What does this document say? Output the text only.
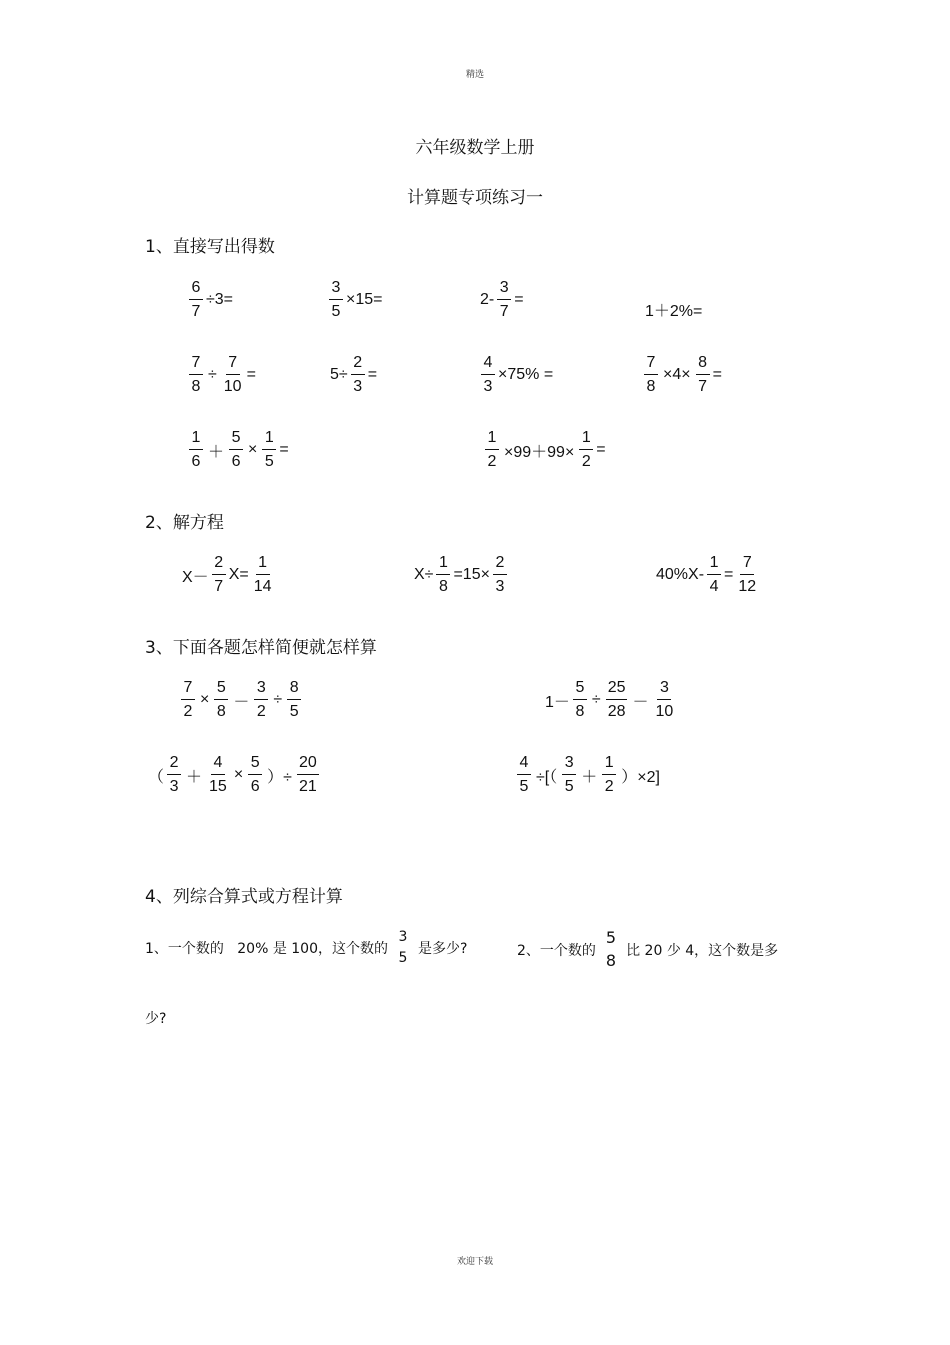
精选
六年级数学上册
计算题专项练习一
1、直接写出得数
$\frac{6}{7} \div 3=$	$\frac{3}{5} \times 15=$	$2- \frac{3}{7}$ =
1＋2%=
$\frac{7}{8} \div \frac{7}{10}$ =	$5\div \frac{2}{3}$ =	$\frac{4}{3} \times 75\%$ =	$\frac{7}{8} \times 4\times \frac{8}{7}$ =
$\frac{1}{6} + \frac{5}{6} \times \frac{1}{5}$ =	$\frac{1}{2} \times 99+99\times \frac{1}{2}$ =
2、解方程
$X- \frac{2}{7} X= \frac{1}{14}$	$X\div \frac{1}{8} =15\times \frac{2}{3}$	$40\%X- \frac{1}{4} = \frac{7}{12}$
3、下面各题怎样简便就怎样算
$\frac{7}{2} \times \frac{5}{8} - \frac{3}{2} \div \frac{8}{5}$	$1- \frac{5}{8} \div \frac{25}{28} - \frac{3}{10}$
（ $\frac{2}{3} + \frac{4}{15} \times \frac{5}{6}$ ）÷ $\frac{20}{21}$	$\frac{4}{5}$ ÷[（ $\frac{3}{5} + \frac{1}{2} )\times 2$]
4、列综合算式或方程计算
1、一个数的   20% 是 100，这个数的
3
5
是多少?	2、一个数的
5
8
比 20 少 4，这个数是多
少?
欢迎下载
